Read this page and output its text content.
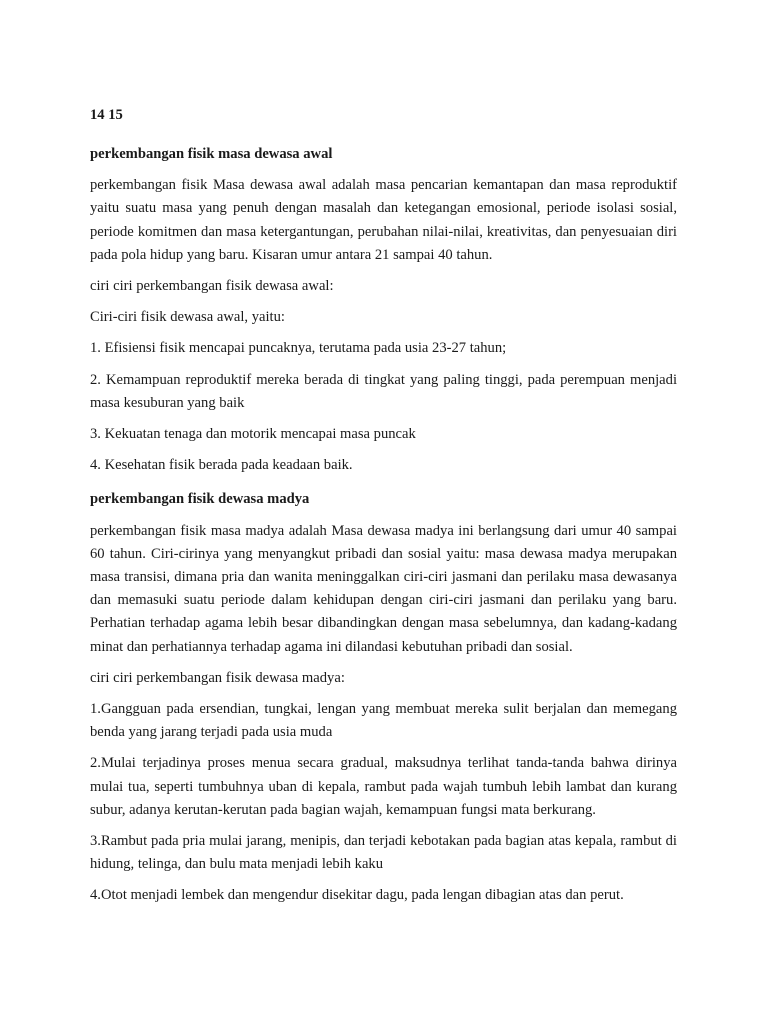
14 15

perkembangan fisik masa dewasa awal

perkembangan fisik Masa dewasa awal adalah masa pencarian kemantapan dan masa reproduktif yaitu suatu masa yang penuh dengan masalah dan ketegangan emosional, periode isolasi sosial, periode komitmen dan masa ketergantungan, perubahan nilai-nilai, kreativitas, dan penyesuaian diri pada pola hidup yang baru. Kisaran umur antara 21 sampai 40 tahun.

ciri ciri perkembangan fisik dewasa awal:

Ciri-ciri fisik dewasa awal, yaitu:

1. Efisiensi fisik mencapai puncaknya, terutama pada usia 23-27 tahun;

2. Kemampuan reproduktif mereka berada di tingkat yang paling tinggi, pada perempuan menjadi masa kesuburan yang baik

3. Kekuatan tenaga dan motorik mencapai masa puncak

4. Kesehatan fisik berada pada keadaan baik.

perkembangan fisik dewasa madya

perkembangan fisik masa madya adalah Masa dewasa madya ini berlangsung dari umur 40 sampai 60 tahun. Ciri-cirinya yang menyangkut pribadi dan sosial yaitu: masa dewasa madya merupakan masa transisi, dimana pria dan wanita meninggalkan ciri-ciri jasmani dan perilaku masa dewasanya dan memasuki suatu periode dalam kehidupan dengan ciri-ciri jasmani dan perilaku yang baru. Perhatian terhadap agama lebih besar dibandingkan dengan masa sebelumnya, dan kadang-kadang minat dan perhatiannya terhadap agama ini dilandasi kebutuhan pribadi dan sosial.

ciri ciri perkembangan fisik dewasa madya:

1.Gangguan pada ersendian, tungkai, lengan yang membuat mereka sulit berjalan dan memegang benda yang jarang terjadi pada usia muda

2.Mulai terjadinya proses menua secara gradual, maksudnya terlihat tanda-tanda bahwa dirinya mulai tua, seperti tumbuhnya uban di kepala, rambut pada wajah tumbuh lebih lambat dan kurang subur, adanya kerutan-kerutan pada bagian wajah, kemampuan fungsi mata berkurang.

3.Rambut pada pria mulai jarang, menipis, dan terjadi kebotakan pada bagian atas kepala, rambut di hidung, telinga, dan bulu mata menjadi lebih kaku

4.Otot menjadi lembek dan mengendur disekitar dagu, pada lengan dibagian atas dan perut.
